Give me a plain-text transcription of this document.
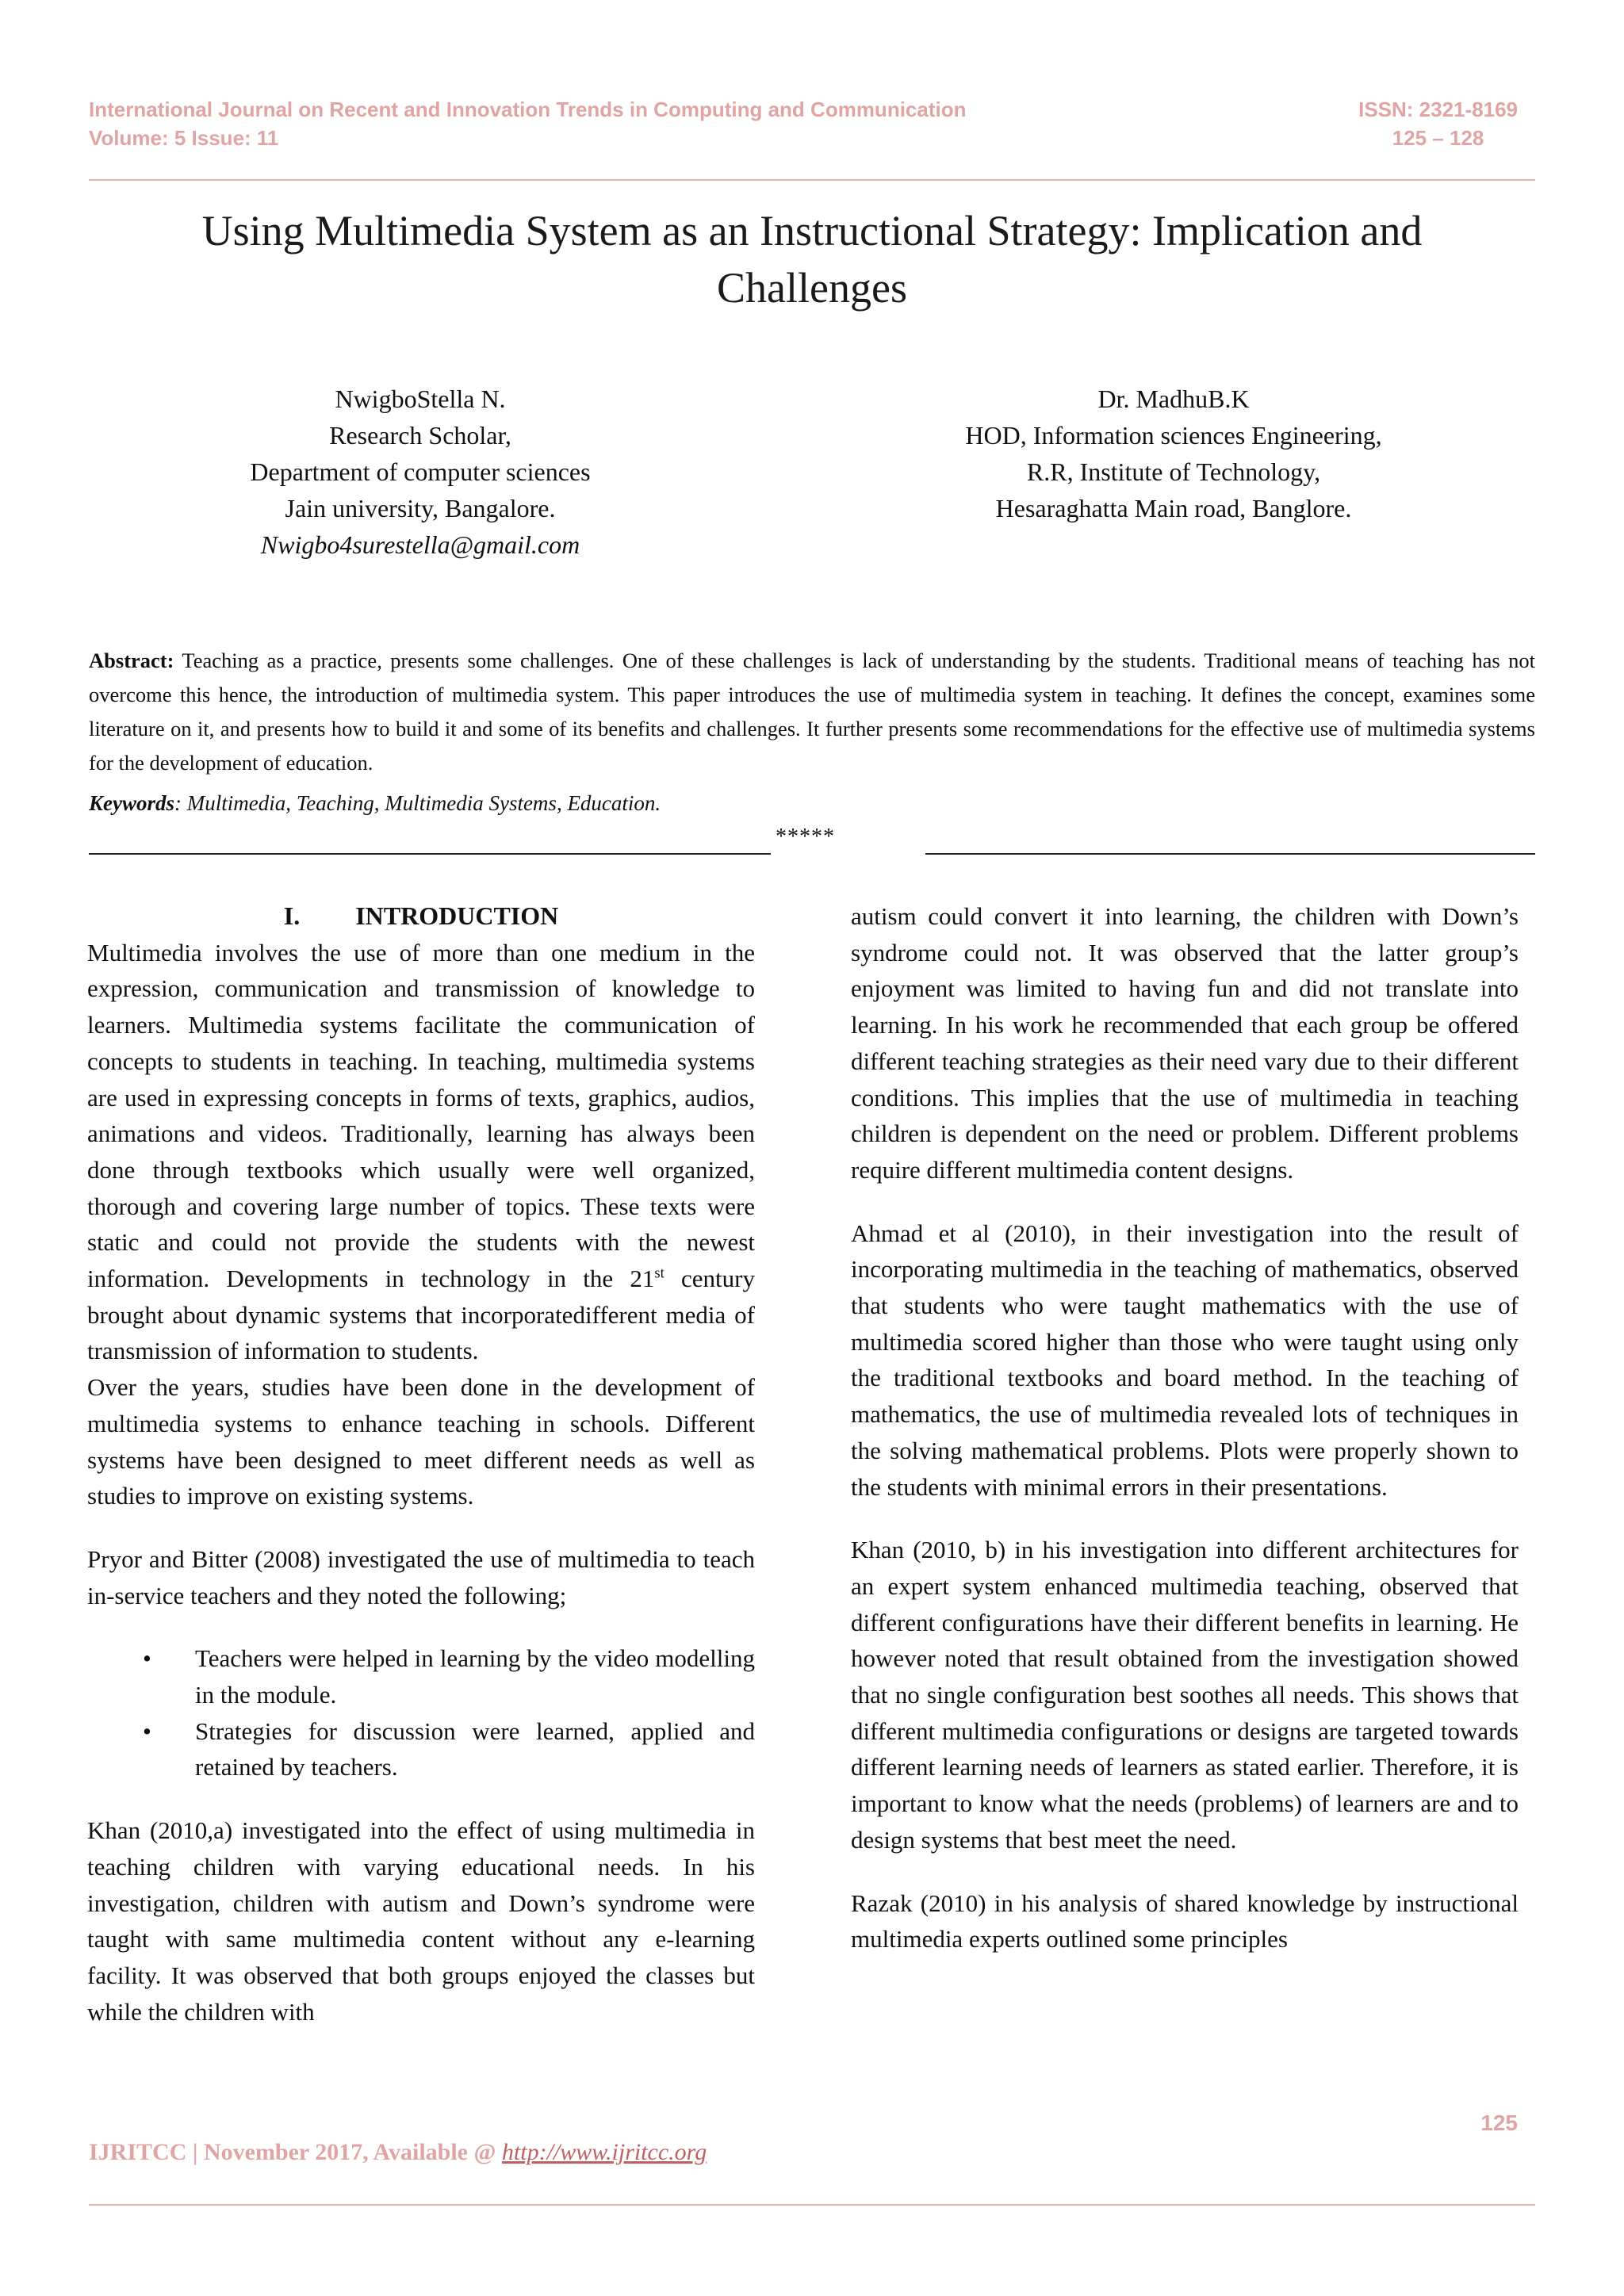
International Journal on Recent and Innovation Trends in Computing and Communication
Volume: 5 Issue: 11
ISSN: 2321-8169
125 – 128
Using Multimedia System as an Instructional Strategy: Implication and Challenges
NwigboStella N.
Research Scholar,
Department of computer sciences
Jain university, Bangalore.
Nwigbo4surestella@gmail.com
Dr. MadhuB.K
HOD, Information sciences Engineering,
R.R, Institute of Technology,
Hesaraghatta Main road, Banglore.
Abstract: Teaching as a practice, presents some challenges. One of these challenges is lack of understanding by the students. Traditional means of teaching has not overcome this hence, the introduction of multimedia system. This paper introduces the use of multimedia system in teaching. It defines the concept, examines some literature on it, and presents how to build it and some of its benefits and challenges. It further presents some recommendations for the effective use of multimedia systems for the development of education.
Keywords: Multimedia, Teaching, Multimedia Systems, Education.
*****
I. INTRODUCTION

Multimedia involves the use of more than one medium in the expression, communication and transmission of knowledge to learners. Multimedia systems facilitate the communication of concepts to students in teaching. In teaching, multimedia systems are used in expressing concepts in forms of texts, graphics, audios, animations and videos. Traditionally, learning has always been done through textbooks which usually were well organized, thorough and covering large number of topics. These texts were static and could not provide the students with the newest information. Developments in technology in the 21st century brought about dynamic systems that incorporatedifferent media of transmission of information to students.

Over the years, studies have been done in the development of multimedia systems to enhance teaching in schools. Different systems have been designed to meet different needs as well as studies to improve on existing systems.

Pryor and Bitter (2008) investigated the use of multimedia to teach in-service teachers and they noted the following;

• Teachers were helped in learning by the video modelling in the module.
• Strategies for discussion were learned, applied and retained by teachers.

Khan (2010,a) investigated into the effect of using multimedia in teaching children with varying educational needs. In his investigation, children with autism and Down’s syndrome were taught with same multimedia content without any e-learning facility. It was observed that both groups enjoyed the classes but while the children with

autism could convert it into learning, the children with Down’s syndrome could not. It was observed that the latter group’s enjoyment was limited to having fun and did not translate into learning. In his work he recommended that each group be offered different teaching strategies as their need vary due to their different conditions. This implies that the use of multimedia in teaching children is dependent on the need or problem. Different problems require different multimedia content designs.

Ahmad et al (2010), in their investigation into the result of incorporating multimedia in the teaching of mathematics, observed that students who were taught mathematics with the use of multimedia scored higher than those who were taught using only the traditional textbooks and board method. In the teaching of mathematics, the use of multimedia revealed lots of techniques in the solving mathematical problems. Plots were properly shown to the students with minimal errors in their presentations.

Khan (2010, b) in his investigation into different architectures for an expert system enhanced multimedia teaching, observed that different configurations have their different benefits in learning. He however noted that result obtained from the investigation showed that no single configuration best soothes all needs. This shows that different multimedia configurations or designs are targeted towards different learning needs of learners as stated earlier. Therefore, it is important to know what the needs (problems) of learners are and to design systems that best meet the need.

Razak (2010) in his analysis of shared knowledge by instructional multimedia experts outlined some principles

125
IJRITCC | November 2017, Available @ http://www.ijritcc.org
